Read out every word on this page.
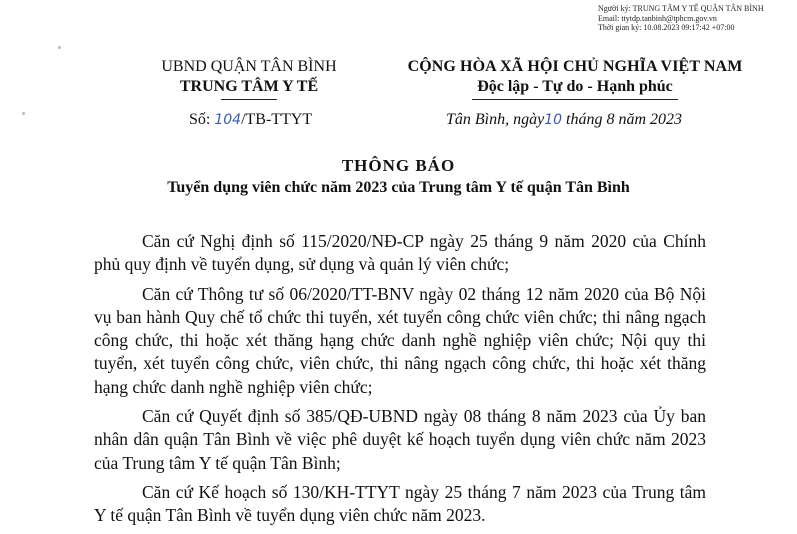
Người ký: TRUNG TÂM Y TẾ QUẬN TÂN BÌNH
Email: ttytdp.tanbinh@tphcm.gov.vn
Thời gian ký: 10.08.2023 09:17:42 +07:00
UBND QUẬN TÂN BÌNH
TRUNG TÂM Y TẾ
CỘNG HÒA XÃ HỘI CHỦ NGHĨA VIỆT NAM
Độc lập - Tự do - Hạnh phúc
Số: 104/TB-TTYT	Tân Bình, ngày10 tháng 8 năm 2023
THÔNG BÁO
Tuyển dụng viên chức năm 2023 của Trung tâm Y tế quận Tân Bình

Căn cứ Nghị định số 115/2020/NĐ-CP ngày 25 tháng 9 năm 2020 của Chính phủ quy định về tuyển dụng, sử dụng và quản lý viên chức;

Căn cứ Thông tư số 06/2020/TT-BNV ngày 02 tháng 12 năm 2020 của Bộ Nội vụ ban hành Quy chế tổ chức thi tuyển, xét tuyển công chức viên chức; thi nâng ngạch công chức, thi hoặc xét thăng hạng chức danh nghề nghiệp viên chức; Nội quy thi tuyển, xét tuyển công chức, viên chức, thi nâng ngạch công chức, thi hoặc xét thăng hạng chức danh nghề nghiệp viên chức;

Căn cứ Quyết định số 385/QĐ-UBND ngày 08 tháng 8 năm 2023 của Ủy ban nhân dân quận Tân Bình về việc phê duyệt kế hoạch tuyển dụng viên chức năm 2023 của Trung tâm Y tế quận Tân Bình;

Căn cứ Kế hoạch số 130/KH-TTYT ngày 25 tháng 7 năm 2023 của Trung tâm Y tế quận Tân Bình về tuyển dụng viên chức năm 2023.
